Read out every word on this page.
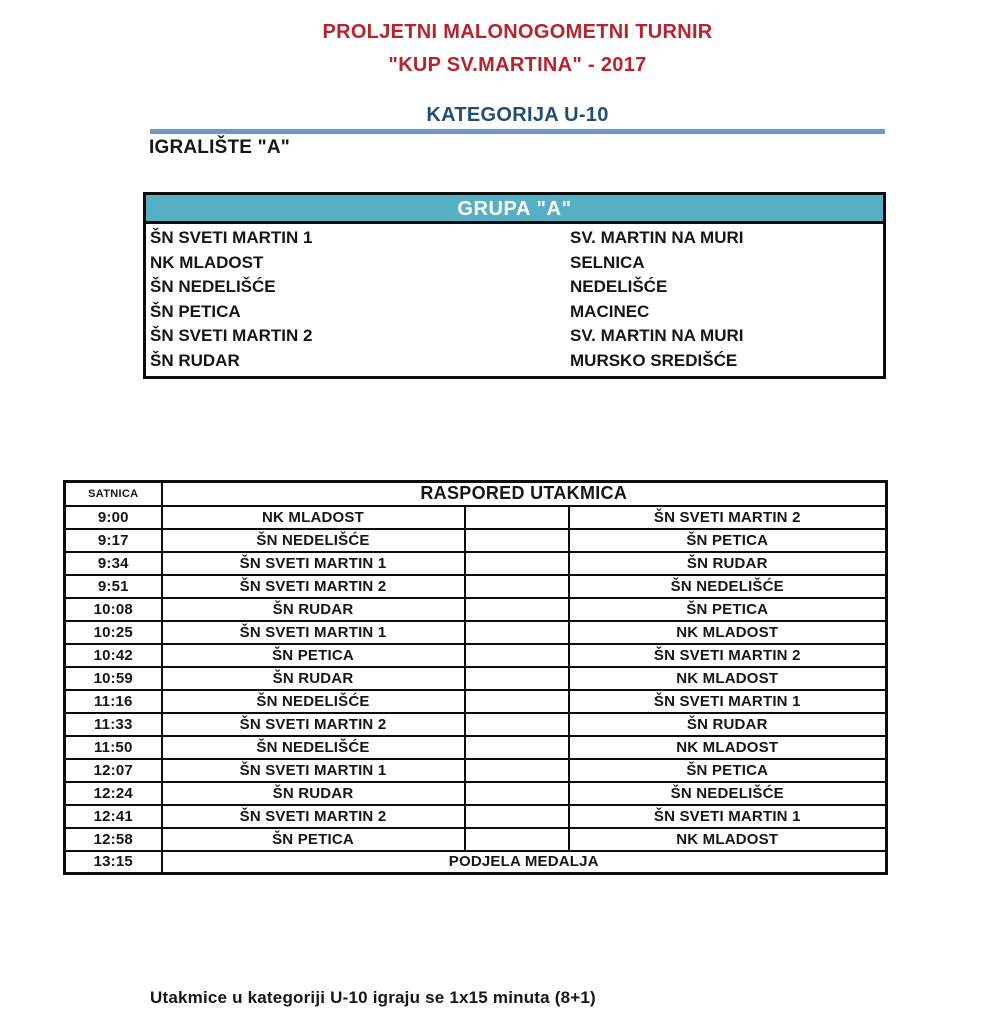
PROLJETNI MALONOGOMETNI TURNIR
"KUP SV.MARTINA" - 2017
KATEGORIJA U-10
IGRALIŠTE "A"
GRUPA "A"
ŠN SVETI MARTIN 1	SV. MARTIN NA MURI
NK MLADOST	SELNICA
ŠN NEDELIŠĆE	NEDELIŠĆE
ŠN PETICA	MACINEC
ŠN SVETI MARTIN 2	SV. MARTIN NA MURI
ŠN RUDAR	MURSKO SREDIŠĆE
SATNICA	RASPORED UTAKMICA		
9:00	NK MLADOST		ŠN SVETI MARTIN 2
9:17	ŠN NEDELIŠĆE		ŠN PETICA
9:34	ŠN SVETI MARTIN 1		ŠN RUDAR
9:51	ŠN SVETI MARTIN 2		ŠN NEDELIŠĆE
10:08	ŠN RUDAR		ŠN PETICA
10:25	ŠN SVETI MARTIN 1		NK MLADOST
10:42	ŠN PETICA		ŠN SVETI MARTIN 2
10:59	ŠN RUDAR		NK MLADOST
11:16	ŠN NEDELIŠĆE		ŠN SVETI MARTIN 1
11:33	ŠN SVETI MARTIN 2		ŠN RUDAR
11:50	ŠN NEDELIŠĆE		NK MLADOST
12:07	ŠN SVETI MARTIN 1		ŠN PETICA
12:24	ŠN RUDAR		ŠN NEDELIŠĆE
12:41	ŠN SVETI MARTIN 2		ŠN SVETI MARTIN 1
12:58	ŠN PETICA		NK MLADOST
13:15	PODJELA MEDALJA		
Utakmice u kategoriji U-10 igraju se 1x15 minuta (8+1)
